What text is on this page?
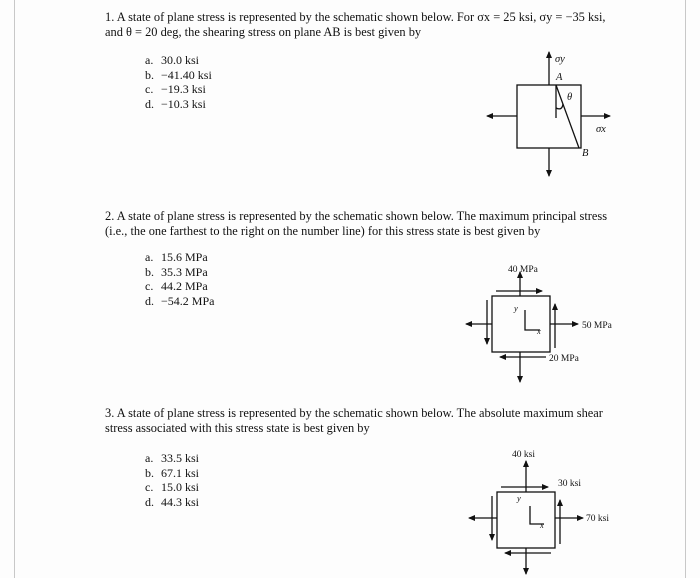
1. A state of plane stress is represented by the schematic shown below. For σx = 25 ksi, σy = −35 ksi,
and θ = 20 deg, the shearing stress on plane AB is best given by
a. 30.0 ksi
b. −41.40 ksi
c. −19.3 ksi
d. −10.3 ksi
2. A state of plane stress is represented by the schematic shown below. The maximum principal stress
(i.e., the one farthest to the right on the number line) for this stress state is best given by
a. 15.6 MPa
b. 35.3 MPa
c. 44.2 MPa
d. −54.2 MPa
3. A state of plane stress is represented by the schematic shown below. The absolute maximum shear
stress associated with this stress state is best given by
a. 33.5 ksi
b. 67.1 ksi
c. 15.0 ksi
d. 44.3 ksi
σy
A
θ
σx
B
40 MPa
50 MPa
20 MPa
y
x
40 ksi
30 ksi
70 ksi
y
x
